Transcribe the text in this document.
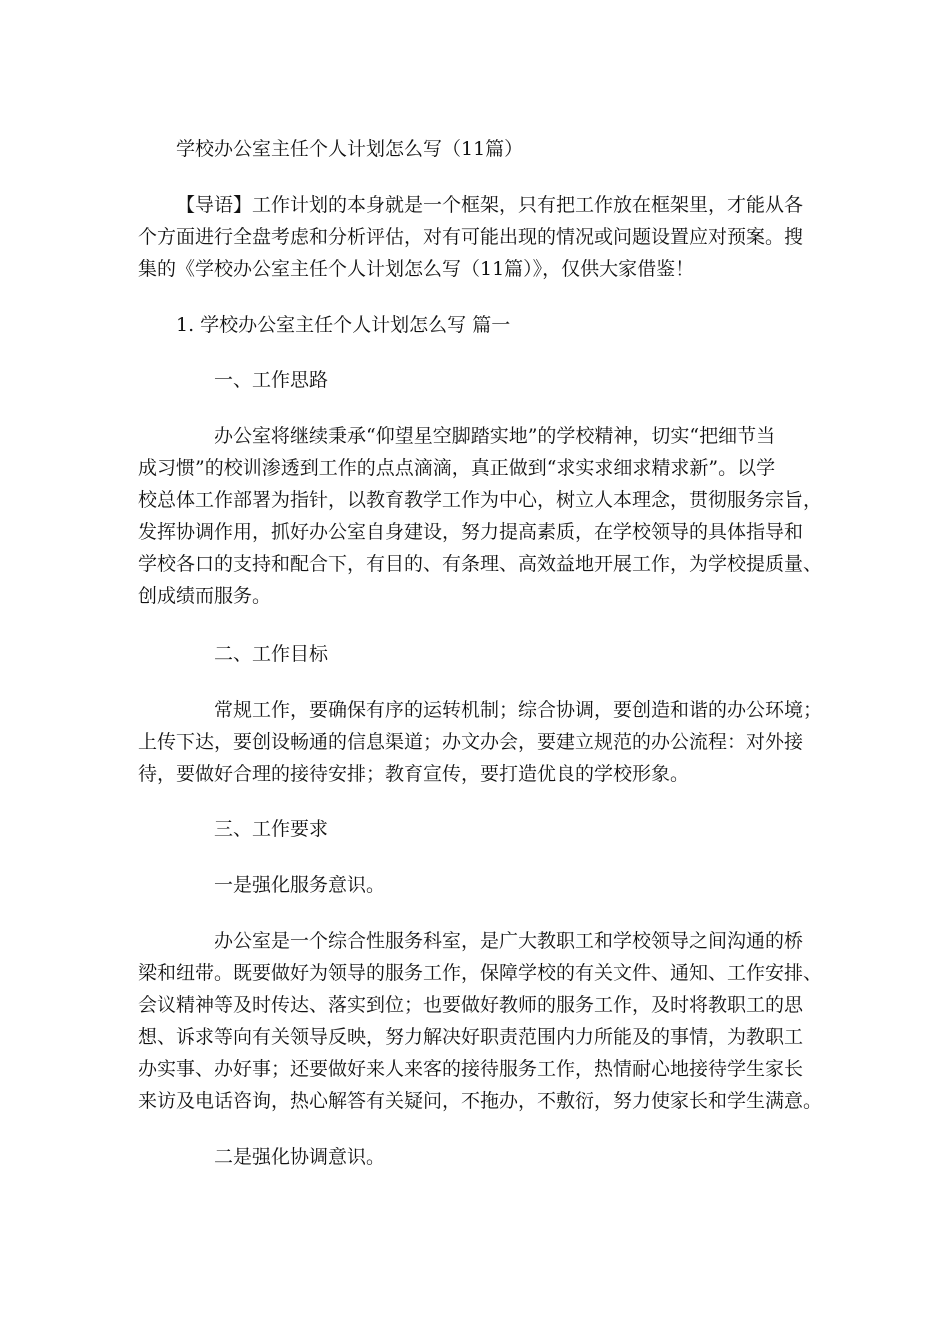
学校办公室主任个人计划怎么写（11篇）
【导语】工作计划的本身就是一个框架，只有把工作放在框架里，才能从各
个方面进行全盘考虑和分析评估，对有可能出现的情况或问题设置应对预案。搜
集的《学校办公室主任个人计划怎么写（11篇）》，仅供大家借鉴！
1. 学校办公室主任个人计划怎么写 篇一
一、工作思路
办公室将继续秉承“仰望星空脚踏实地”的学校精神，切实“把细节当
成习惯”的校训渗透到工作的点点滴滴，真正做到“求实求细求精求新”。以学
校总体工作部署为指针，以教育教学工作为中心，树立人本理念，贯彻服务宗旨，
发挥协调作用，抓好办公室自身建设，努力提高素质，在学校领导的具体指导和
学校各口的支持和配合下，有目的、有条理、高效益地开展工作，为学校提质量、
创成绩而服务。
二、工作目标
常规工作，要确保有序的运转机制；综合协调，要创造和谐的办公环境；
上传下达，要创设畅通的信息渠道；办文办会，要建立规范的办公流程：对外接
待，要做好合理的接待安排；教育宣传，要打造优良的学校形象。
三、工作要求
一是强化服务意识。
办公室是一个综合性服务科室，是广大教职工和学校领导之间沟通的桥
梁和纽带。既要做好为领导的服务工作，保障学校的有关文件、通知、工作安排、
会议精神等及时传达、落实到位；也要做好教师的服务工作，及时将教职工的思
想、诉求等向有关领导反映，努力解决好职责范围内力所能及的事情，为教职工
办实事、办好事；还要做好来人来客的接待服务工作，热情耐心地接待学生家长
来访及电话咨询，热心解答有关疑问，不拖办，不敷衍，努力使家长和学生满意。
二是强化协调意识。
